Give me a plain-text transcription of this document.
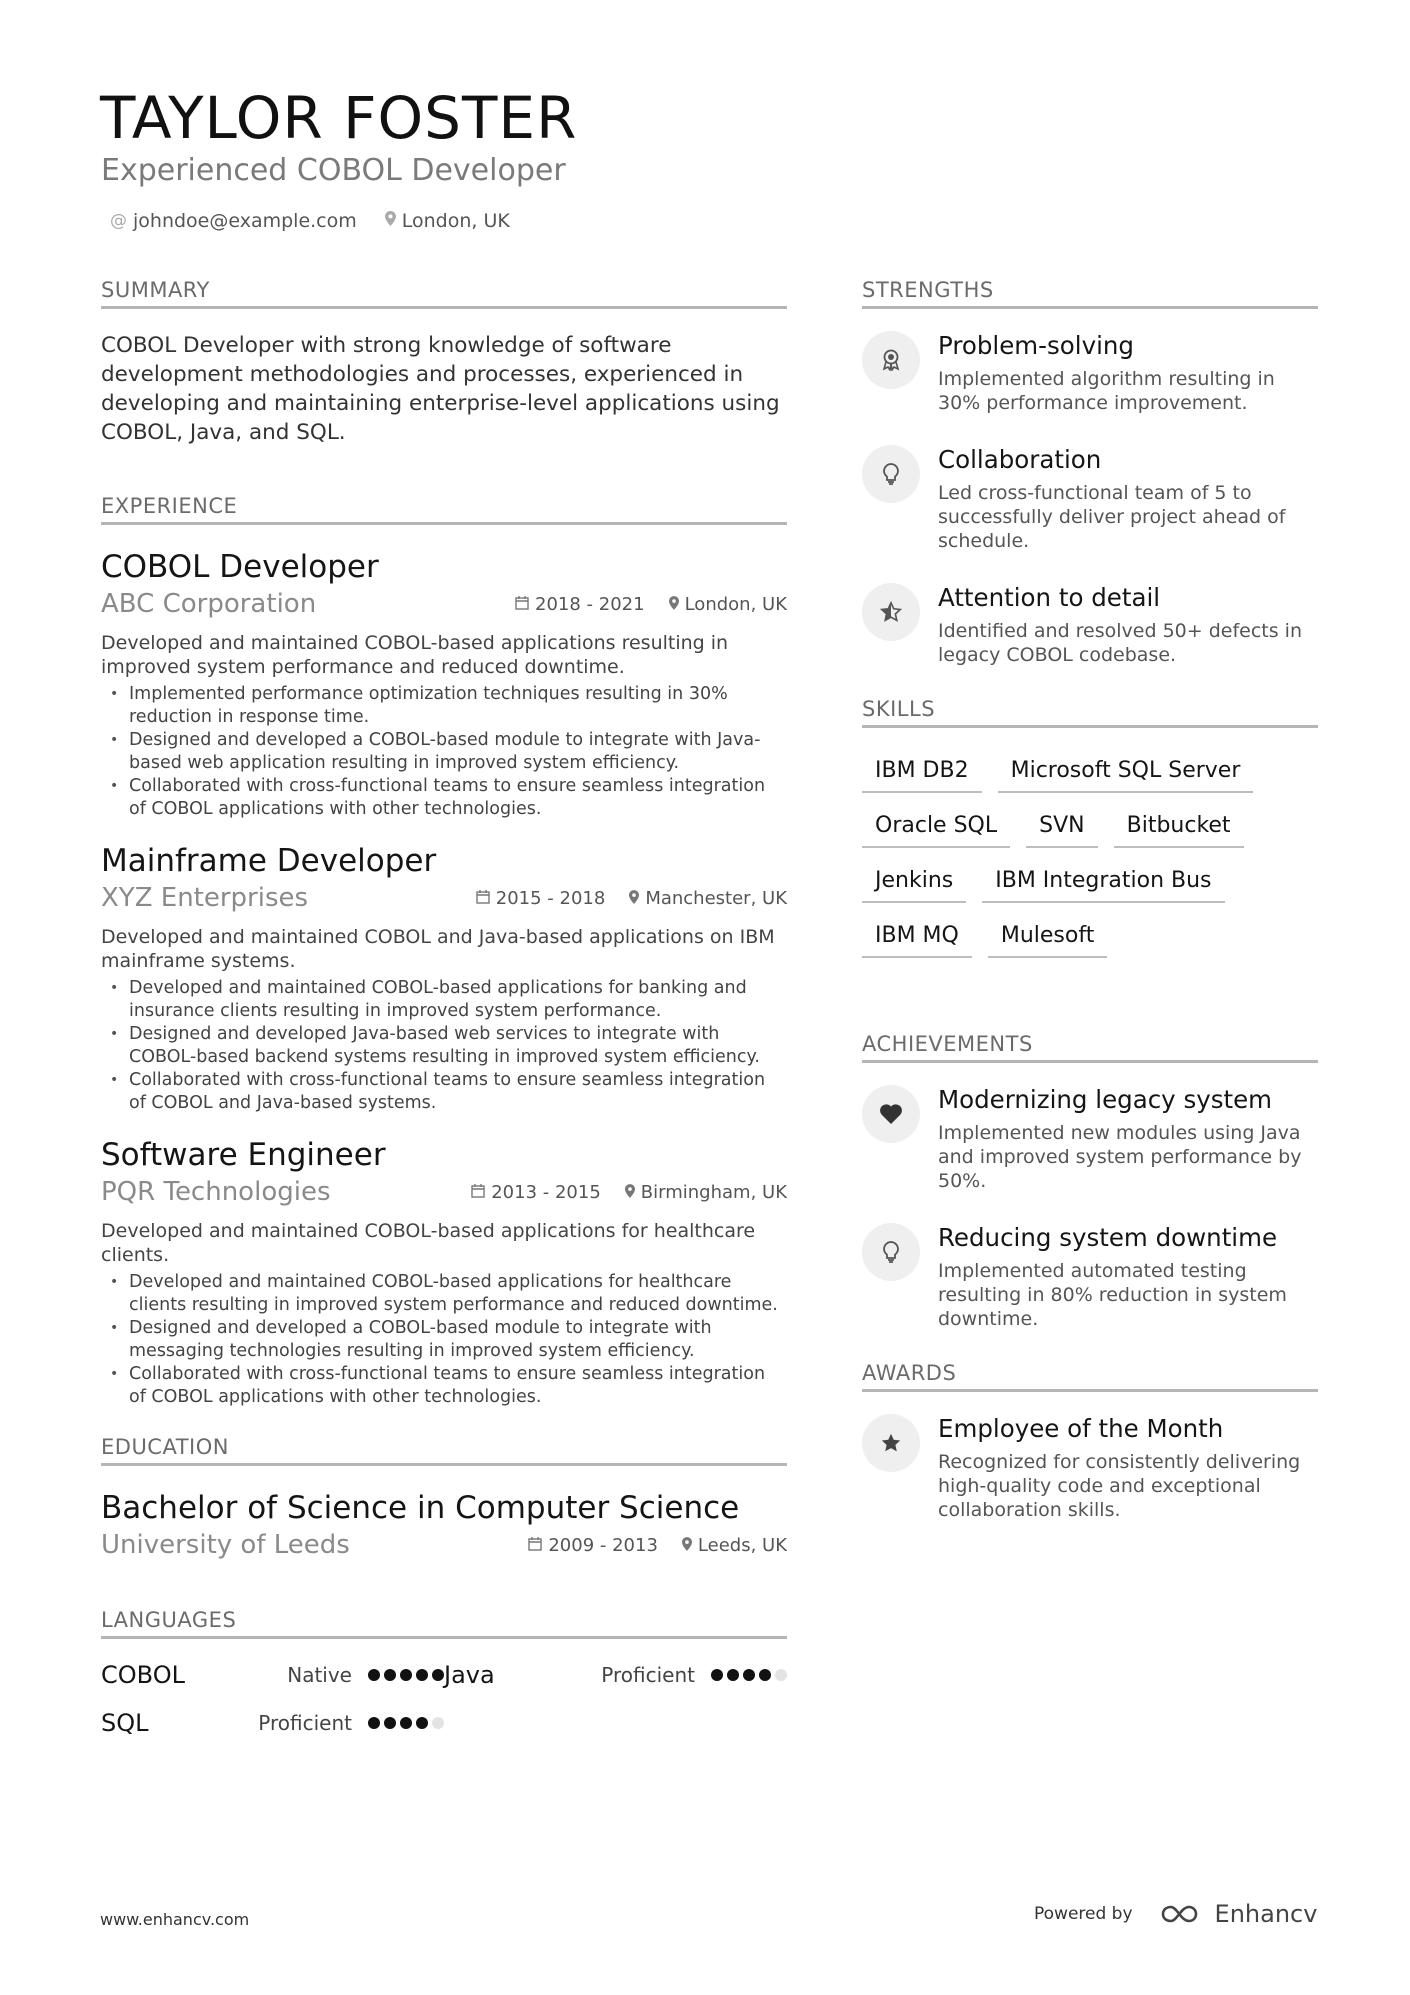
TAYLOR FOSTER
Experienced COBOL Developer
@ johndoe@example.com London, UK
SUMMARY

COBOL Developer with strong knowledge of software development methodologies and processes, experienced in developing and maintaining enterprise-level applications using COBOL, Java, and SQL.

EXPERIENCE
COBOL Developer
ABC Corporation	2018 - 2021	London, UK
Developed and maintained COBOL-based applications resulting in improved system performance and reduced downtime.
• Implemented performance optimization techniques resulting in 30% reduction in response time.
• Designed and developed a COBOL-based module to integrate with Java-based web application resulting in improved system efficiency.
• Collaborated with cross-functional teams to ensure seamless integration of COBOL applications with other technologies.
Mainframe Developer
XYZ Enterprises	2015 - 2018	Manchester, UK
Developed and maintained COBOL and Java-based applications on IBM mainframe systems.
• Developed and maintained COBOL-based applications for banking and insurance clients resulting in improved system performance.
• Designed and developed Java-based web services to integrate with COBOL-based backend systems resulting in improved system efficiency.
• Collaborated with cross-functional teams to ensure seamless integration of COBOL and Java-based systems.
Software Engineer
PQR Technologies	2013 - 2015	Birmingham, UK
Developed and maintained COBOL-based applications for healthcare clients.
• Developed and maintained COBOL-based applications for healthcare clients resulting in improved system performance and reduced downtime.
• Designed and developed a COBOL-based module to integrate with messaging technologies resulting in improved system efficiency.
• Collaborated with cross-functional teams to ensure seamless integration of COBOL applications with other technologies.
EDUCATION
Bachelor of Science in Computer Science
University of Leeds	2009 - 2013	Leeds, UK
LANGUAGES
COBOL	Native	Java	Proficient
SQL	Proficient
STRENGTHS
Problem-solving
Implemented algorithm resulting in 30% performance improvement.
Collaboration
Led cross-functional team of 5 to successfully deliver project ahead of schedule.
Attention to detail
Identified and resolved 50+ defects in legacy COBOL codebase.
SKILLS
IBM DB2	Microsoft SQL Server
Oracle SQL	SVN	Bitbucket
Jenkins	IBM Integration Bus
IBM MQ	Mulesoft
ACHIEVEMENTS
Modernizing legacy system
Implemented new modules using Java and improved system performance by 50%.
Reducing system downtime
Implemented automated testing resulting in 80% reduction in system downtime.
AWARDS
Employee of the Month
Recognized for consistently delivering high-quality code and exceptional collaboration skills.
www.enhancv.com	Powered by	Enhancv
